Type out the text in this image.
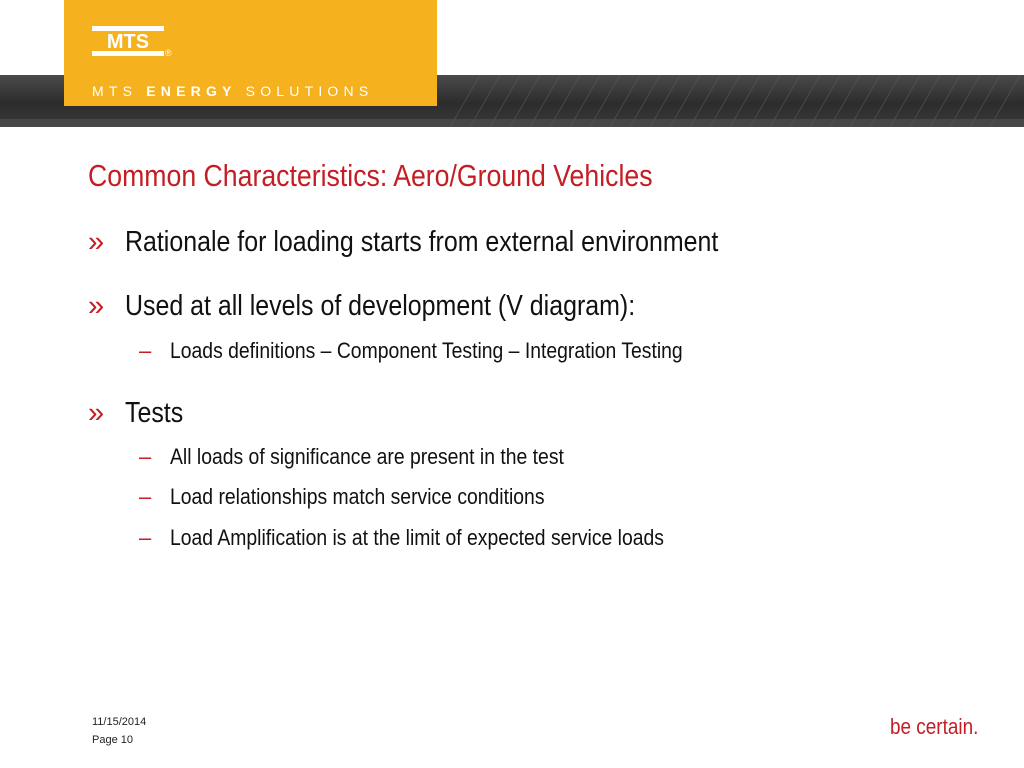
MTS ®
MTS ENERGY SOLUTIONS
Common Characteristics: Aero/Ground Vehicles
» Rationale for loading starts from external environment
» Used at all levels of development (V diagram):
– Loads definitions – Component Testing – Integration Testing
» Tests
– All loads of significance are present in the test
– Load relationships match service conditions
– Load Amplification is at the limit of expected service loads
11/15/2014
Page 10
be certain.
